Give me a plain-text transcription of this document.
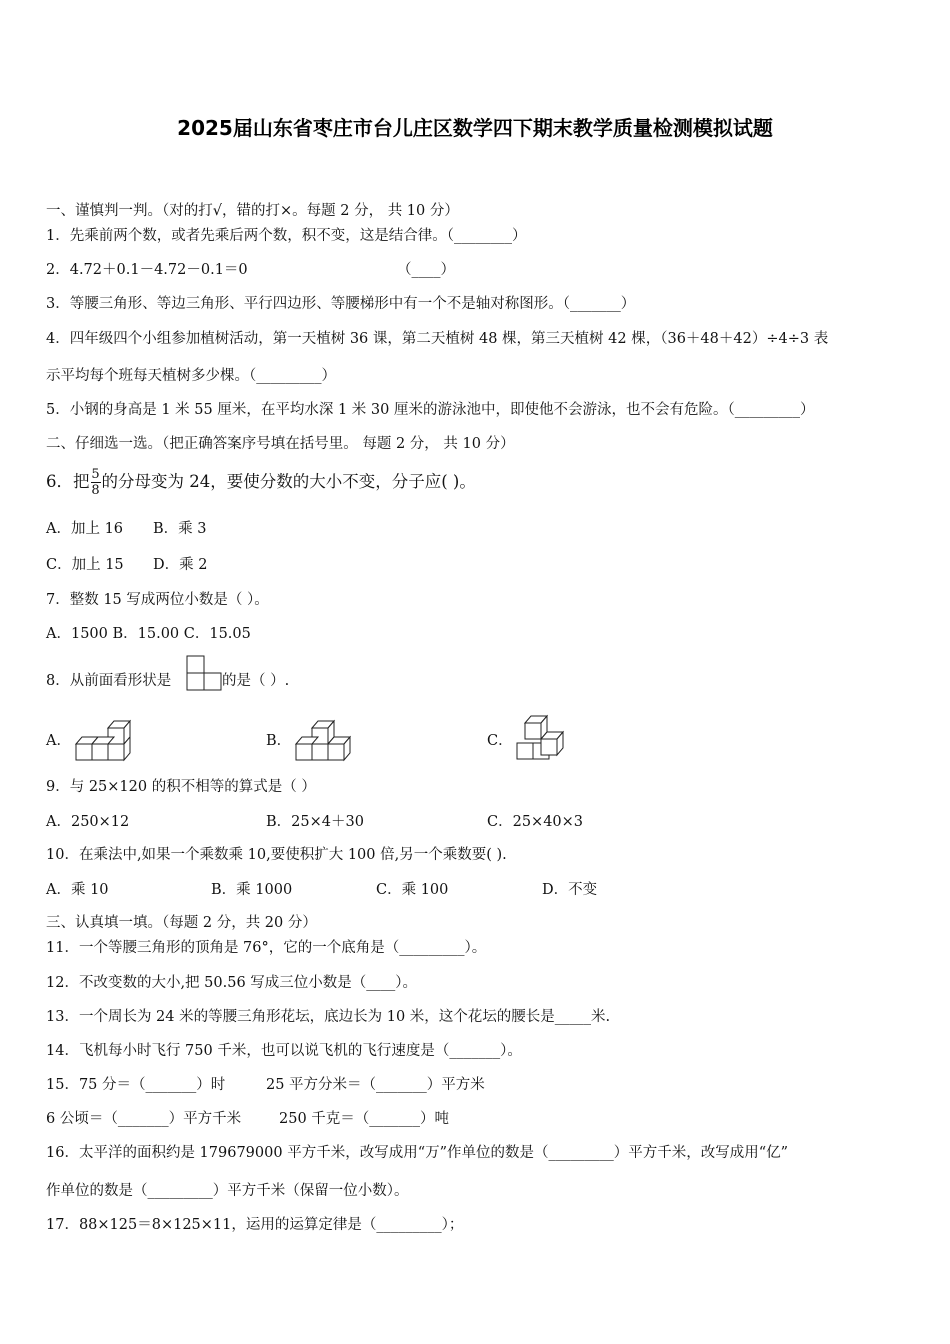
2025届山东省枣庄市台儿庄区数学四下期末教学质量检测模拟试题
一、谨慎判一判。（对的打√，错的打×。每题 2 分， 共 10 分）
1．先乘前两个数，或者先乘后两个数，积不变，这是结合律。（________）
2．4.72＋0.1－4.72－0.1＝0	（____）
3．等腰三角形、等边三角形、平行四边形、等腰梯形中有一个不是轴对称图形。（_______）
4．四年级四个小组参加植树活动，第一天植树 36 课，第二天植树 48 棵，第三天植树 42 棵，（36＋48＋42）÷4÷3 表
示平均每个班每天植树多少棵。（_________）
5．小钢的身高是 1 米 55 厘米，在平均水深 1 米 30 厘米的游泳池中，即使他不会游泳，也不会有危险。（_________）
二、仔细选一选。（把正确答案序号填在括号里。 每题 2 分， 共 10 分）
6．把 $\frac{5}{8}$ 的分母变为 24，要使分数的大小不变，分子应( )。
A．加上 16 B．乘 3
C．加上 15 D．乘 2
7．整数 15 写成两位小数是（ ）。
A．1500 B．15.00 C．15.05
8．从前面看形状是	的是（ ）.
A．	B．	C．
9．与 25×120 的积不相等的算式是（ ）
A．250×12	B．25×4＋30	C．25×40×3
10．在乘法中,如果一个乘数乘 10,要使积扩大 100 倍,另一个乘数要( ).
A．乘 10	B．乘 1000	C．乘 100	D．不变
三、认真填一填。（每题 2 分，共 20 分）
11．一个等腰三角形的顶角是 76°，它的一个底角是（_________）。
12．不改变数的大小,把 50.56 写成三位小数是（____）。
13．一个周长为 24 米的等腰三角形花坛，底边长为 10 米，这个花坛的腰长是_____米.
14．飞机每小时飞行 750 千米，也可以说飞机的飞行速度是（_______）。
15．75 分＝（_______）时	25 平方分米＝（_______）平方米
6 公顷＝（_______）平方千米	250 千克＝（_______）吨
16．太平洋的面积约是 179679000 平方千米，改写成用“万”作单位的数是（_________）平方千米，改写成用“亿”
作单位的数是（_________）平方千米（保留一位小数）。
17．88×125＝8×125×11，运用的运算定律是（_________）；
